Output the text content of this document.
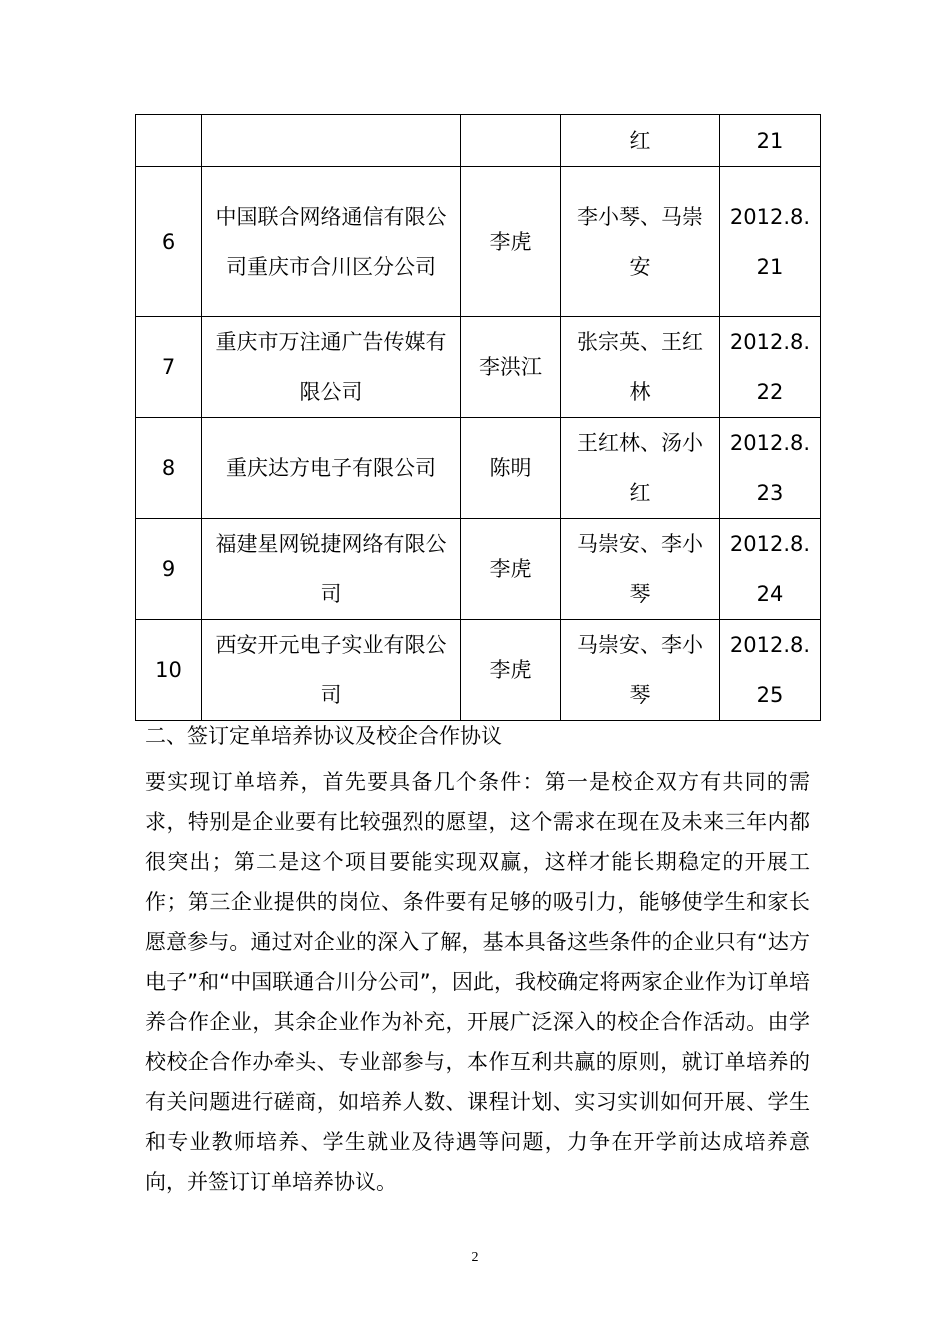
			红	21

6	中国联合网络通信有限公司重庆市合川区分公司	李虎	李小琴、马崇安	2012.8.21

7	重庆市万注通广告传媒有限公司	李洪江	张宗英、王红林	2012.8.22

8	重庆达方电子有限公司	陈明	王红林、汤小红	2012.8.23

9	福建星网锐捷网络有限公司	李虎	马崇安、李小琴	2012.8.24

10	西安开元电子实业有限公司	李虎	马崇安、李小琴	2012.8.25
二、签订定单培养协议及校企合作协议
要实现订单培养，首先要具备几个条件：第一是校企双方有共同的需求，特别是企业要有比较强烈的愿望，这个需求在现在及未来三年内都很突出；第二是这个项目要能实现双赢，这样才能长期稳定的开展工作；第三企业提供的岗位、条件要有足够的吸引力，能够使学生和家长愿意参与。通过对企业的深入了解，基本具备这些条件的企业只有“达方电子”和“中国联通合川分公司”，因此，我校确定将两家企业作为订单培养合作企业，其余企业作为补充，开展广泛深入的校企合作活动。由学校校企合作办牵头、专业部参与，本作互利共赢的原则，就订单培养的有关问题进行磋商，如培养人数、课程计划、实习实训如何开展、学生和专业教师培养、学生就业及待遇等问题，力争在开学前达成培养意向，并签订订单培养协议。
2
